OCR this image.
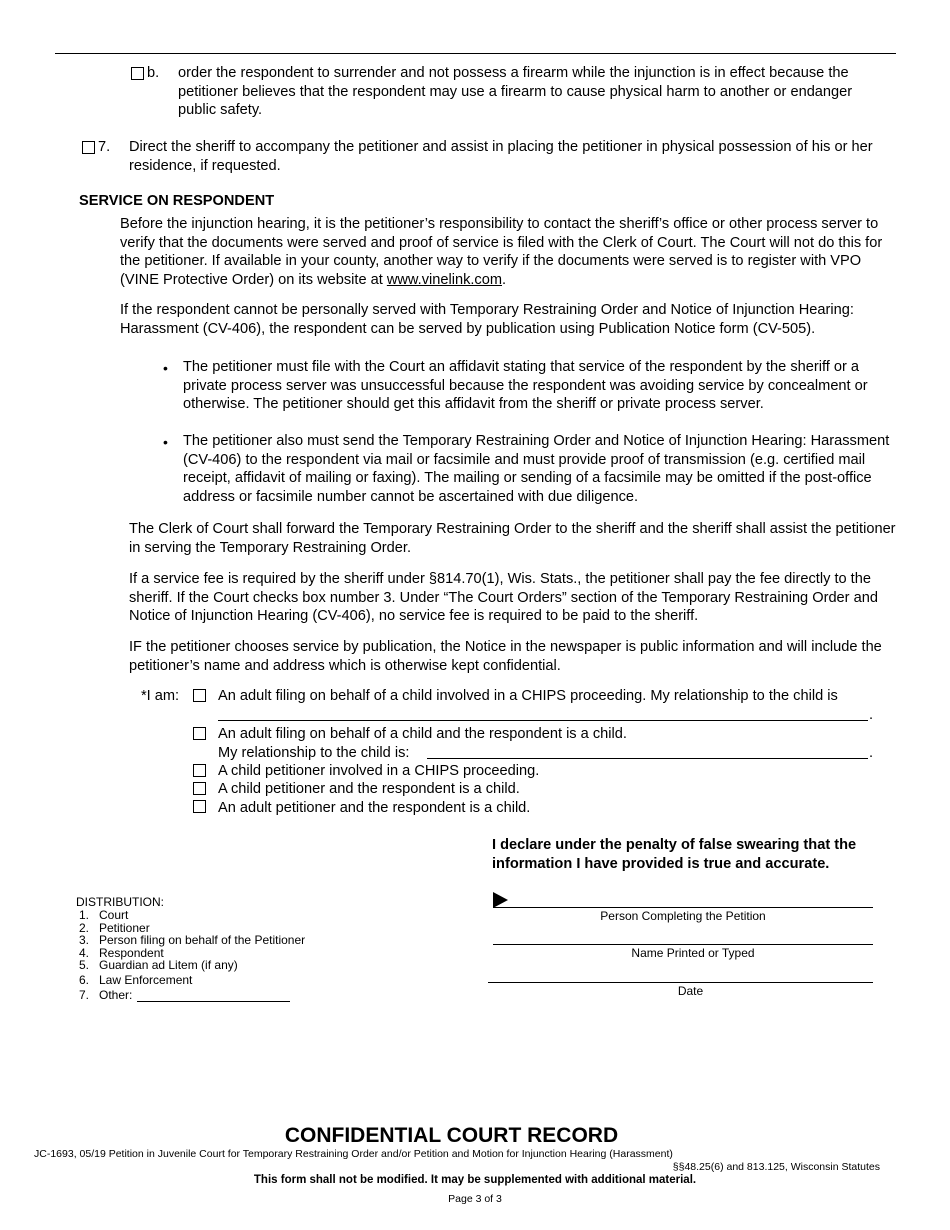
b. order the respondent to surrender and not possess a firearm while the injunction is in effect because the petitioner believes that the respondent may use a firearm to cause physical harm to another or endanger public safety.
7. Direct the sheriff to accompany the petitioner and assist in placing the petitioner in physical possession of his or her residence, if requested.
SERVICE ON RESPONDENT
Before the injunction hearing, it is the petitioner’s responsibility to contact the sheriff’s office or other process server to verify that the documents were served and proof of service is filed with the Clerk of Court. The Court will not do this for the petitioner. If available in your county, another way to verify if the documents were served is to register with VPO (VINE Protective Order) on its website at www.vinelink.com.
If the respondent cannot be personally served with Temporary Restraining Order and Notice of Injunction Hearing: Harassment (CV-406), the respondent can be served by publication using Publication Notice form (CV-505).
• The petitioner must file with the Court an affidavit stating that service of the respondent by the sheriff or a private process server was unsuccessful because the respondent was avoiding service by concealment or otherwise. The petitioner should get this affidavit from the sheriff or private process server.
• The petitioner also must send the Temporary Restraining Order and Notice of Injunction Hearing: Harassment (CV-406) to the respondent via mail or facsimile and must provide proof of transmission (e.g. certified mail receipt, affidavit of mailing or faxing). The mailing or sending of a facsimile may be omitted if the post-office address or facsimile number cannot be ascertained with due diligence.
The Clerk of Court shall forward the Temporary Restraining Order to the sheriff and the sheriff shall assist the petitioner in serving the Temporary Restraining Order.
If a service fee is required by the sheriff under §814.70(1), Wis. Stats., the petitioner shall pay the fee directly to the sheriff. If the Court checks box number 3. Under “The Court Orders” section of the Temporary Restraining Order and Notice of Injunction Hearing (CV-406), no service fee is required to be paid to the sheriff.
IF the petitioner chooses service by publication, the Notice in the newspaper is public information and will include the petitioner’s name and address which is otherwise kept confidential.
*I am:	An adult filing on behalf of a child involved in a CHIPS proceeding. My relationship to the child is
.
An adult filing on behalf of a child and the respondent is a child.
My relationship to the child is:	.
A child petitioner involved in a CHIPS proceeding.
A child petitioner and the respondent is a child.
An adult petitioner and the respondent is a child.
I declare under the penalty of false swearing that the information I have provided is true and accurate.
Person Completing the Petition
Name Printed or Typed
Date
DISTRIBUTION:
1. Court
2. Petitioner
3. Person filing on behalf of the Petitioner
4. Respondent
5. Guardian ad Litem (if any)
6. Law Enforcement
7. Other:
CONFIDENTIAL COURT RECORD
JC-1693, 05/19 Petition in Juvenile Court for Temporary Restraining Order and/or Petition and Motion for Injunction Hearing (Harassment)
§§48.25(6) and 813.125, Wisconsin Statutes
This form shall not be modified. It may be supplemented with additional material.
Page 3 of 3
